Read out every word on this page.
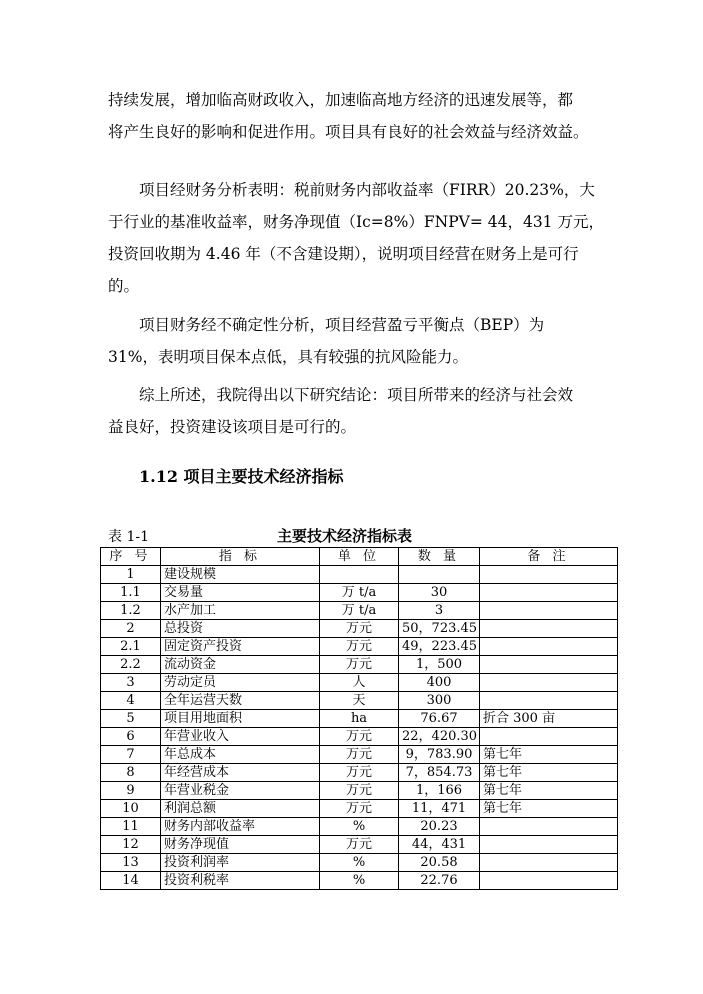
持续发展，增加临高财政收入，加速临高地方经济的迅速发展等，都
将产生良好的影响和促进作用。项目具有良好的社会效益与经济效益。

项目经财务分析表明：税前财务内部收益率（FIRR）20.23%，大
于行业的基准收益率，财务净现值（Ic=8%）FNPV= 44，431 万元，
投资回收期为 4.46 年（不含建设期），说明项目经营在财务上是可行
的。

项目财务经不确定性分析，项目经营盈亏平衡点（BEP）为
31%，表明项目保本点低，具有较强的抗风险能力。

综上所述，我院得出以下研究结论：项目所带来的经济与社会效
益良好，投资建设该项目是可行的。

1.12 项目主要技术经济指标
表 1-1	主要技术经济指标表
序 号	指 标	单 位	数 量	备 注
1	建设规模			
1.1	交易量	万 t/a	30	
1.2	水产加工	万 t/a	3	
2	总投资	万元	50，723.45	
2.1	固定资产投资	万元	49，223.45	
2.2	流动资金	万元	1，500	
3	劳动定员	人	400	
4	全年运营天数	天	300	
5	项目用地面积	ha	76.67	折合 300 亩
6	年营业收入	万元	22，420.30	
7	年总成本	万元	9，783.90	第七年
8	年经营成本	万元	7，854.73	第七年
9	年营业税金	万元	1，166	第七年
10	利润总额	万元	11，471	第七年
11	财务内部收益率	%	20.23	
12	财务净现值	万元	44，431	
13	投资利润率	%	20.58	
14	投资利税率	%	22.76	
